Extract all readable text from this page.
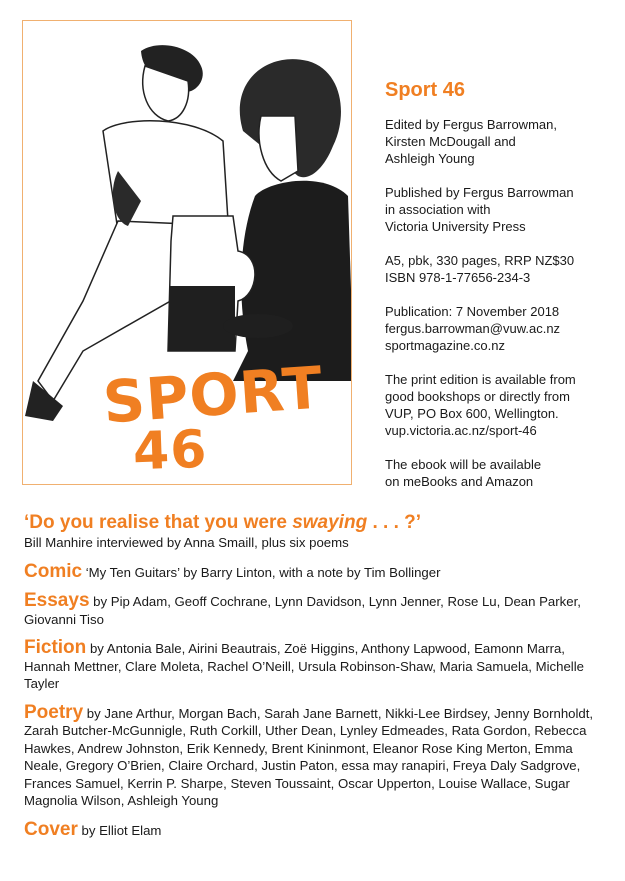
SPORT
46
Sport 46
Edited by Fergus Barrowman,
Kirsten McDougall and
Ashleigh Young
Published by Fergus Barrowman
in association with
Victoria University Press
A5, pbk, 330 pages, RRP NZ$30
ISBN 978-1-77656-234-3
Publication: 7 November 2018
fergus.barrowman@vuw.ac.nz
sportmagazine.co.nz
The print edition is available from
good bookshops or directly from
VUP, PO Box 600, Wellington.
vup.victoria.ac.nz/sport-46
The ebook will be available
on meBooks and Amazon
‘Do you realise that you were swaying . . . ?’
Bill Manhire interviewed by Anna Smaill, plus six poems
Comic ‘My Ten Guitars’ by Barry Linton, with a note by Tim Bollinger
Essays by Pip Adam, Geoff Cochrane, Lynn Davidson, Lynn Jenner, Rose Lu, Dean Parker, Giovanni Tiso
Fiction by Antonia Bale, Airini Beautrais, Zoë Higgins, Anthony Lapwood, Eamonn Marra, Hannah Mettner, Clare Moleta, Rachel O’Neill, Ursula Robinson-Shaw, Maria Samuela, Michelle Tayler
Poetry by Jane Arthur, Morgan Bach, Sarah Jane Barnett, Nikki-Lee Birdsey, Jenny Bornholdt, Zarah Butcher-McGunnigle, Ruth Corkill, Uther Dean, Lynley Edmeades, Rata Gordon, Rebecca Hawkes, Andrew Johnston, Erik Kennedy, Brent Kininmont, Eleanor Rose King Merton, Emma Neale, Gregory O’Brien, Claire Orchard, Justin Paton, essa may ranapiri, Freya Daly Sadgrove, Frances Samuel, Kerrin P. Sharpe, Steven Toussaint, Oscar Upperton, Louise Wallace, Sugar Magnolia Wilson, Ashleigh Young
Cover by Elliot Elam
